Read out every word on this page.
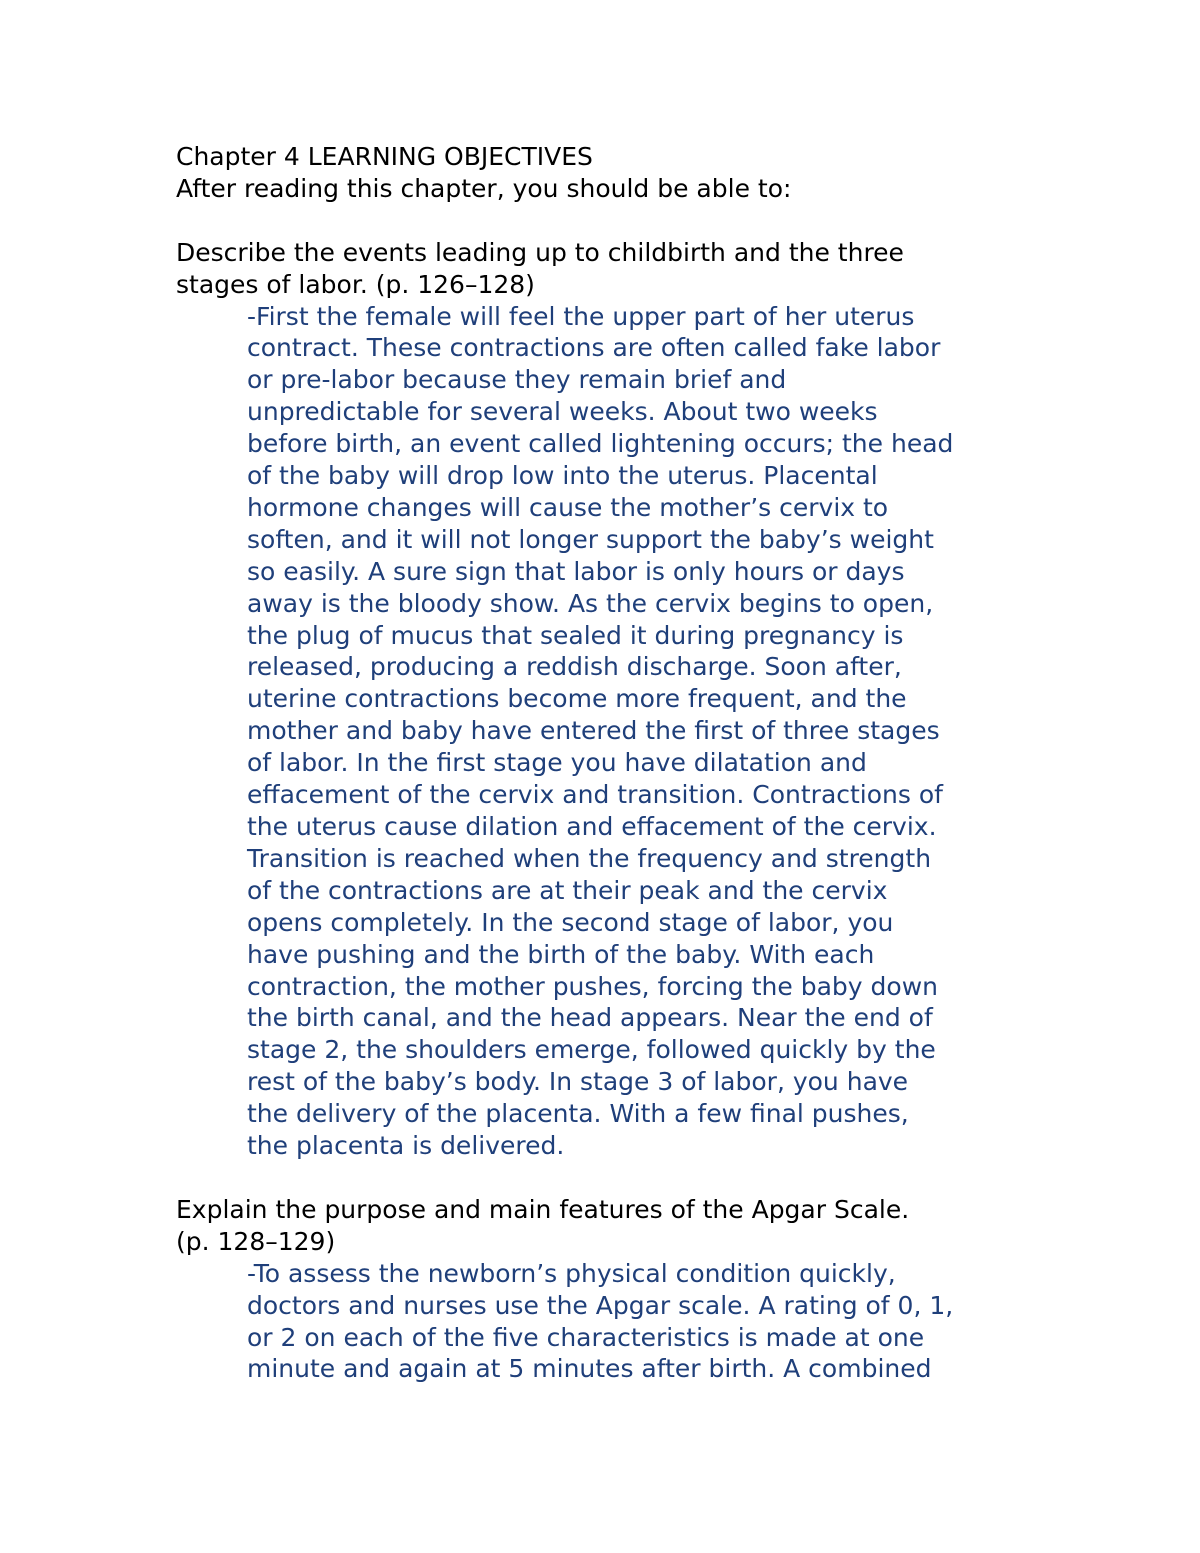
Chapter 4 LEARNING OBJECTIVES
After reading this chapter, you should be able to:
Describe the events leading up to childbirth and the three
stages of labor. (p. 126–128)
-First the female will feel the upper part of her uterus
contract. These contractions are often called fake labor
or pre-labor because they remain brief and
unpredictable for several weeks. About two weeks
before birth, an event called lightening occurs; the head
of the baby will drop low into the uterus. Placental
hormone changes will cause the mother’s cervix to
soften, and it will not longer support the baby’s weight
so easily. A sure sign that labor is only hours or days
away is the bloody show. As the cervix begins to open,
the plug of mucus that sealed it during pregnancy is
released, producing a reddish discharge. Soon after,
uterine contractions become more frequent, and the
mother and baby have entered the first of three stages
of labor. In the first stage you have dilatation and
effacement of the cervix and transition. Contractions of
the uterus cause dilation and effacement of the cervix.
Transition is reached when the frequency and strength
of the contractions are at their peak and the cervix
opens completely. In the second stage of labor, you
have pushing and the birth of the baby. With each
contraction, the mother pushes, forcing the baby down
the birth canal, and the head appears. Near the end of
stage 2, the shoulders emerge, followed quickly by the
rest of the baby’s body. In stage 3 of labor, you have
the delivery of the placenta. With a few final pushes,
the placenta is delivered.
Explain the purpose and main features of the Apgar Scale.
(p. 128–129)
-To assess the newborn’s physical condition quickly,
doctors and nurses use the Apgar scale. A rating of 0, 1,
or 2 on each of the five characteristics is made at one
minute and again at 5 minutes after birth. A combined
